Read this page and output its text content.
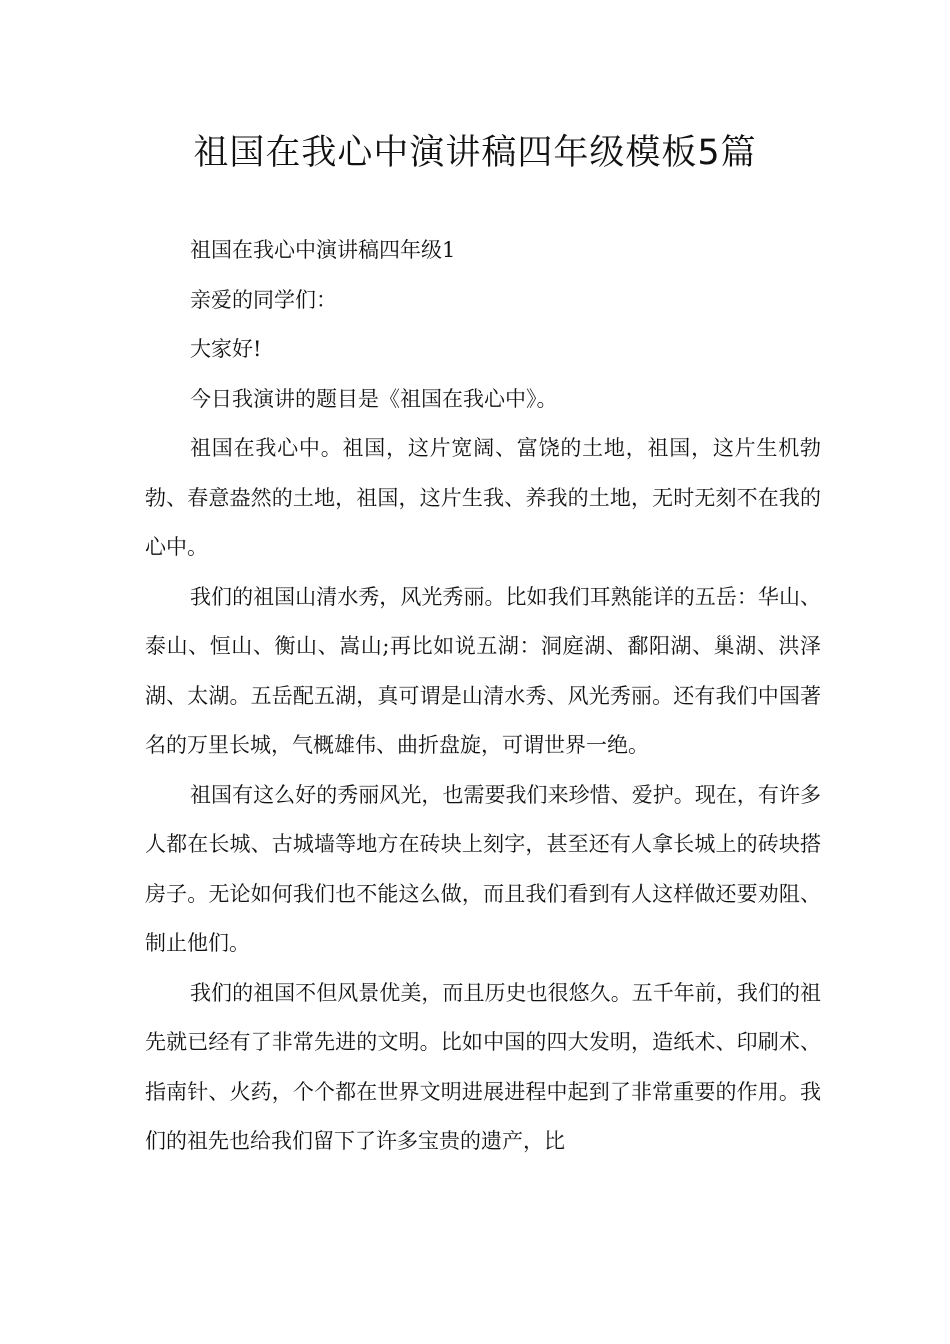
祖国在我心中演讲稿四年级模板5篇

祖国在我心中演讲稿四年级1

亲爱的同学们：

大家好!

今日我演讲的题目是《祖国在我心中》。

祖国在我心中。祖国，这片宽阔、富饶的土地，祖国，这片生机勃勃、春意盎然的土地，祖国，这片生我、养我的土地，无时无刻不在我的心中。

我们的祖国山清水秀，风光秀丽。比如我们耳熟能详的五岳：华山、泰山、恒山、衡山、嵩山;再比如说五湖：洞庭湖、鄱阳湖、巢湖、洪泽湖、太湖。五岳配五湖，真可谓是山清水秀、风光秀丽。还有我们中国著名的万里长城，气概雄伟、曲折盘旋，可谓世界一绝。

祖国有这么好的秀丽风光，也需要我们来珍惜、爱护。现在，有许多人都在长城、古城墙等地方在砖块上刻字，甚至还有人拿长城上的砖块搭房子。无论如何我们也不能这么做，而且我们看到有人这样做还要劝阻、制止他们。

我们的祖国不但风景优美，而且历史也很悠久。五千年前，我们的祖先就已经有了非常先进的文明。比如中国的四大发明，造纸术、印刷术、指南针、火药，个个都在世界文明进展进程中起到了非常重要的作用。我们的祖先也给我们留下了许多宝贵的遗产，比
